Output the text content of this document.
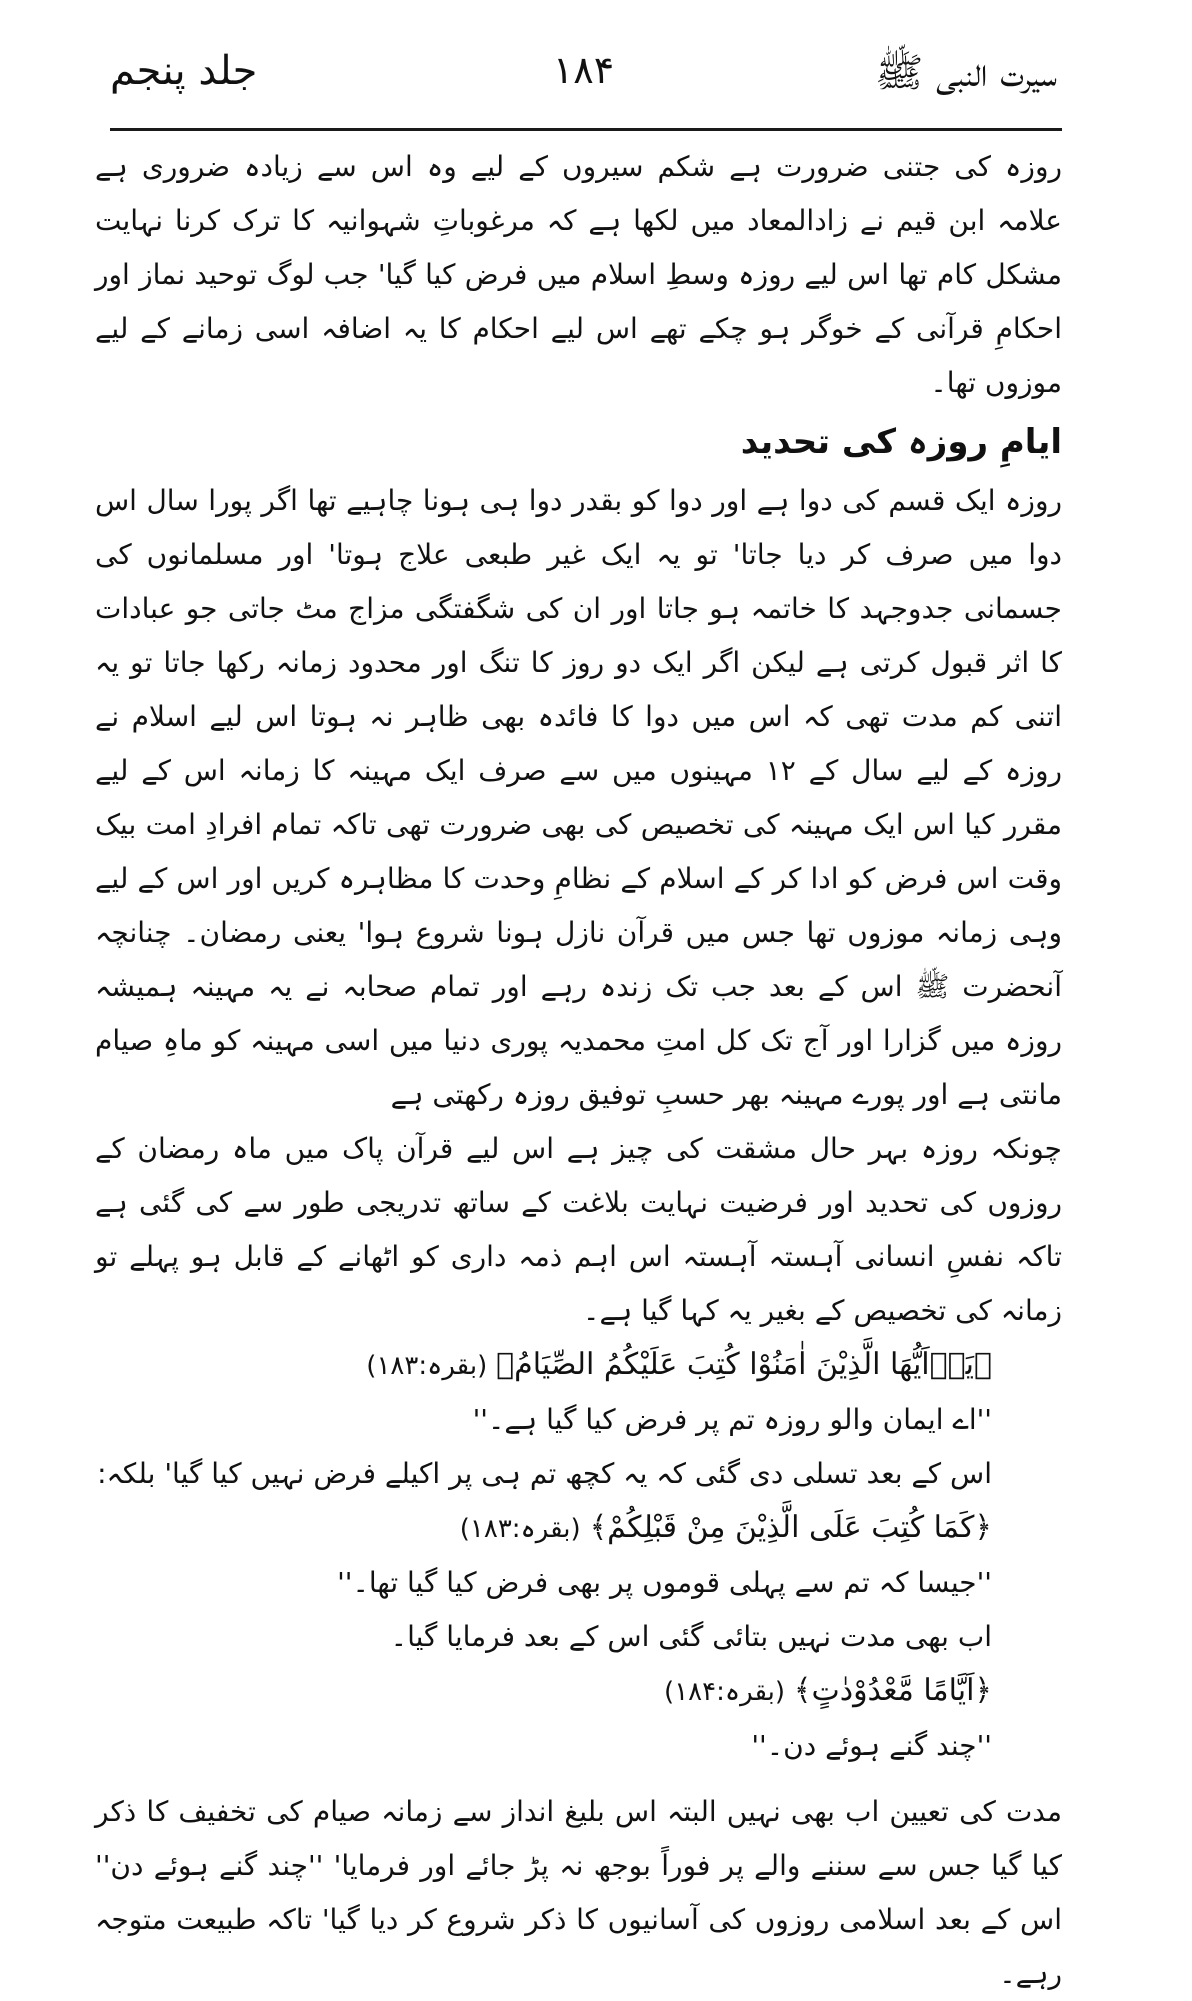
سیرت النبی ﷺ
۱۸۴
جلد پنجم

روزہ کی جتنی ضرورت ہے شکم سیروں کے لیے وہ اس سے زیادہ ضروری ہے علامہ ابن قیم نے زادالمعاد میں لکھا ہے کہ مرغوباتِ شہوانیہ کا ترک کرنا نہایت مشکل کام تھا اس لیے روزہ وسطِ اسلام میں فرض کیا گیا' جب لوگ توحید نماز اور احکامِ قرآنی کے خوگر ہو چکے تھے اس لیے احکام کا یہ اضافہ اسی زمانے کے لیے موزوں تھا۔

ایامِ روزہ کی تحدید

روزہ ایک قسم کی دوا ہے اور دوا کو بقدر دوا ہی ہونا چاہیے تھا اگر پورا سال اس دوا میں صرف کر دیا جاتا' تو یہ ایک غیر طبعی علاج ہوتا' اور مسلمانوں کی جسمانی جدوجہد کا خاتمہ ہو جاتا اور ان کی شگفتگی مزاج مٹ جاتی جو عبادات کا اثر قبول کرتی ہے لیکن اگر ایک دو روز کا تنگ اور محدود زمانہ رکھا جاتا تو یہ اتنی کم مدت تھی کہ اس میں دوا کا فائدہ بھی ظاہر نہ ہوتا اس لیے اسلام نے روزہ کے لیے سال کے ۱۲ مہینوں میں سے صرف ایک مہینہ کا زمانہ اس کے لیے مقرر کیا اس ایک مہینہ کی تخصیص کی بھی ضرورت تھی تاکہ تمام افرادِ امت بیک وقت اس فرض کو ادا کر کے اسلام کے نظامِ وحدت کا مظاہرہ کریں اور اس کے لیے وہی زمانہ موزوں تھا جس میں قرآن نازل ہونا شروع ہوا' یعنی رمضان۔ چنانچہ آنحضرت ﷺ اس کے بعد جب تک زندہ رہے اور تمام صحابہ نے یہ مہینہ ہمیشہ روزہ میں گزارا اور آج تک کل امتِ محمدیہ پوری دنیا میں اسی مہینہ کو ماہِ صیام مانتی ہے اور پورے مہینہ بھر حسبِ توفیق روزہ رکھتی ہے

چونکہ روزہ بہر حال مشقت کی چیز ہے اس لیے قرآن پاک میں ماہ رمضان کے روزوں کی تحدید اور فرضیت نہایت بلاغت کے ساتھ تدریجی طور سے کی گئی ہے تاکہ نفسِ انسانی آہستہ آہستہ اس اہم ذمہ داری کو اٹھانے کے قابل ہو پہلے تو زمانہ کی تخصیص کے بغیر یہ کہا گیا ہے۔

﴿يَاۤاَيُّهَا الَّذِيْنَ اٰمَنُوْا كُتِبَ عَلَيْكُمُ الصِّيَامُ﴾ (بقرہ:۱۸۳)

''اے ایمان والو روزہ تم پر فرض کیا گیا ہے۔''

اس کے بعد تسلی دی گئی کہ یہ کچھ تم ہی پر اکیلے فرض نہیں کیا گیا' بلکہ:

﴿كَمَا كُتِبَ عَلَى الَّذِيْنَ مِنْ قَبْلِكُمْ﴾ (بقرہ:۱۸۳)

''جیسا کہ تم سے پہلی قوموں پر بھی فرض کیا گیا تھا۔''

اب بھی مدت نہیں بتائی گئی اس کے بعد فرمایا گیا۔

﴿اَيَّامًا مَّعْدُوْدٰتٍ﴾ (بقرہ:۱۸۴)

''چند گنے ہوئے دن۔''

مدت کی تعیین اب بھی نہیں البتہ اس بلیغ انداز سے زمانہ صیام کی تخفیف کا ذکر کیا گیا جس سے سننے والے پر فوراً بوجھ نہ پڑ جائے اور فرمایا' ''چند گنے ہوئے دن'' اس کے بعد اسلامی روزوں کی آسانیوں کا ذکر شروع کر دیا گیا' تاکہ طبیعت متوجہ رہے۔
